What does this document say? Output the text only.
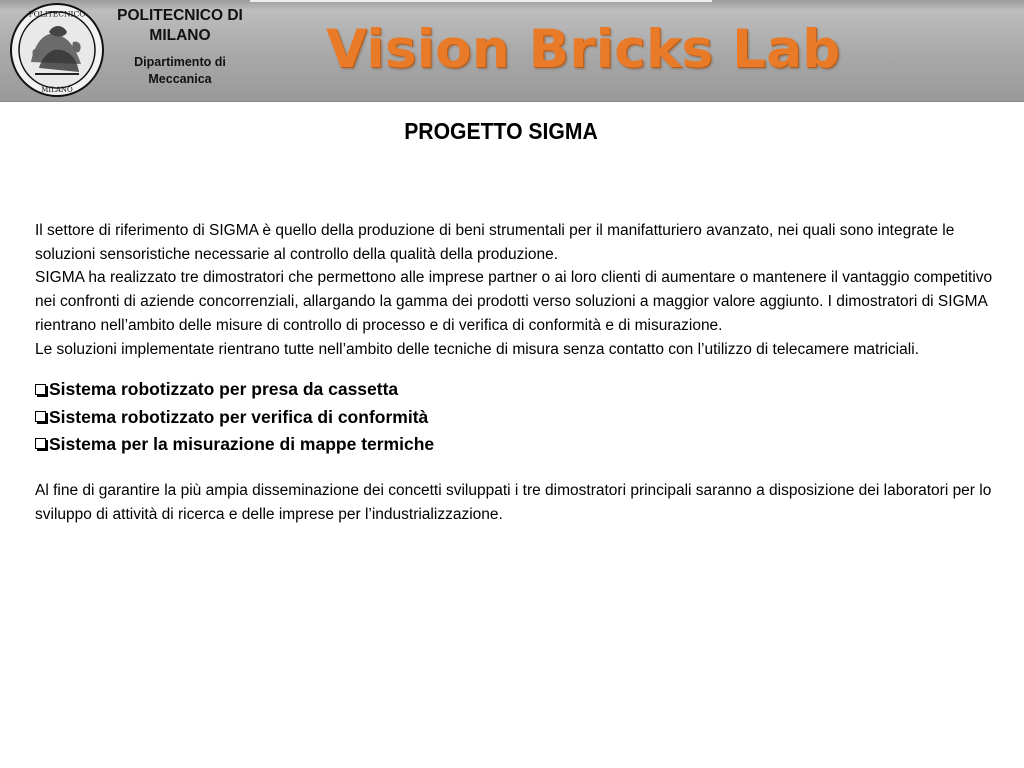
POLITECNICO
MILANO
POLITECNICO DI
MILANO
Dipartimento di
Meccanica	Vision Bricks Lab
PROGETTO SIGMA

Il settore di riferimento di SIGMA è quello della produzione di beni strumentali per il manifatturiero avanzato, nei quali sono integrate le soluzioni sensoristiche necessarie al controllo della qualità della produzione.

SIGMA ha realizzato tre dimostratori che permettono alle imprese partner o ai loro clienti di aumentare o mantenere il vantaggio competitivo nei confronti di aziende concorrenziali, allargando la gamma dei prodotti verso soluzioni a maggior valore aggiunto. I dimostratori di SIGMA rientrano nell’ambito delle misure di controllo di processo e di verifica di conformità e di misurazione.

Le soluzioni implementate rientrano tutte nell’ambito delle tecniche di misura senza contatto con l’utilizzo di telecamere matriciali.

Sistema robotizzato per presa da cassetta
Sistema robotizzato per verifica di conformità
Sistema per la misurazione di mappe termiche

Al fine di garantire la più ampia disseminazione dei concetti sviluppati i tre dimostratori principali saranno a disposizione dei laboratori per lo sviluppo di attività di ricerca e delle imprese per l’industrializzazione.
